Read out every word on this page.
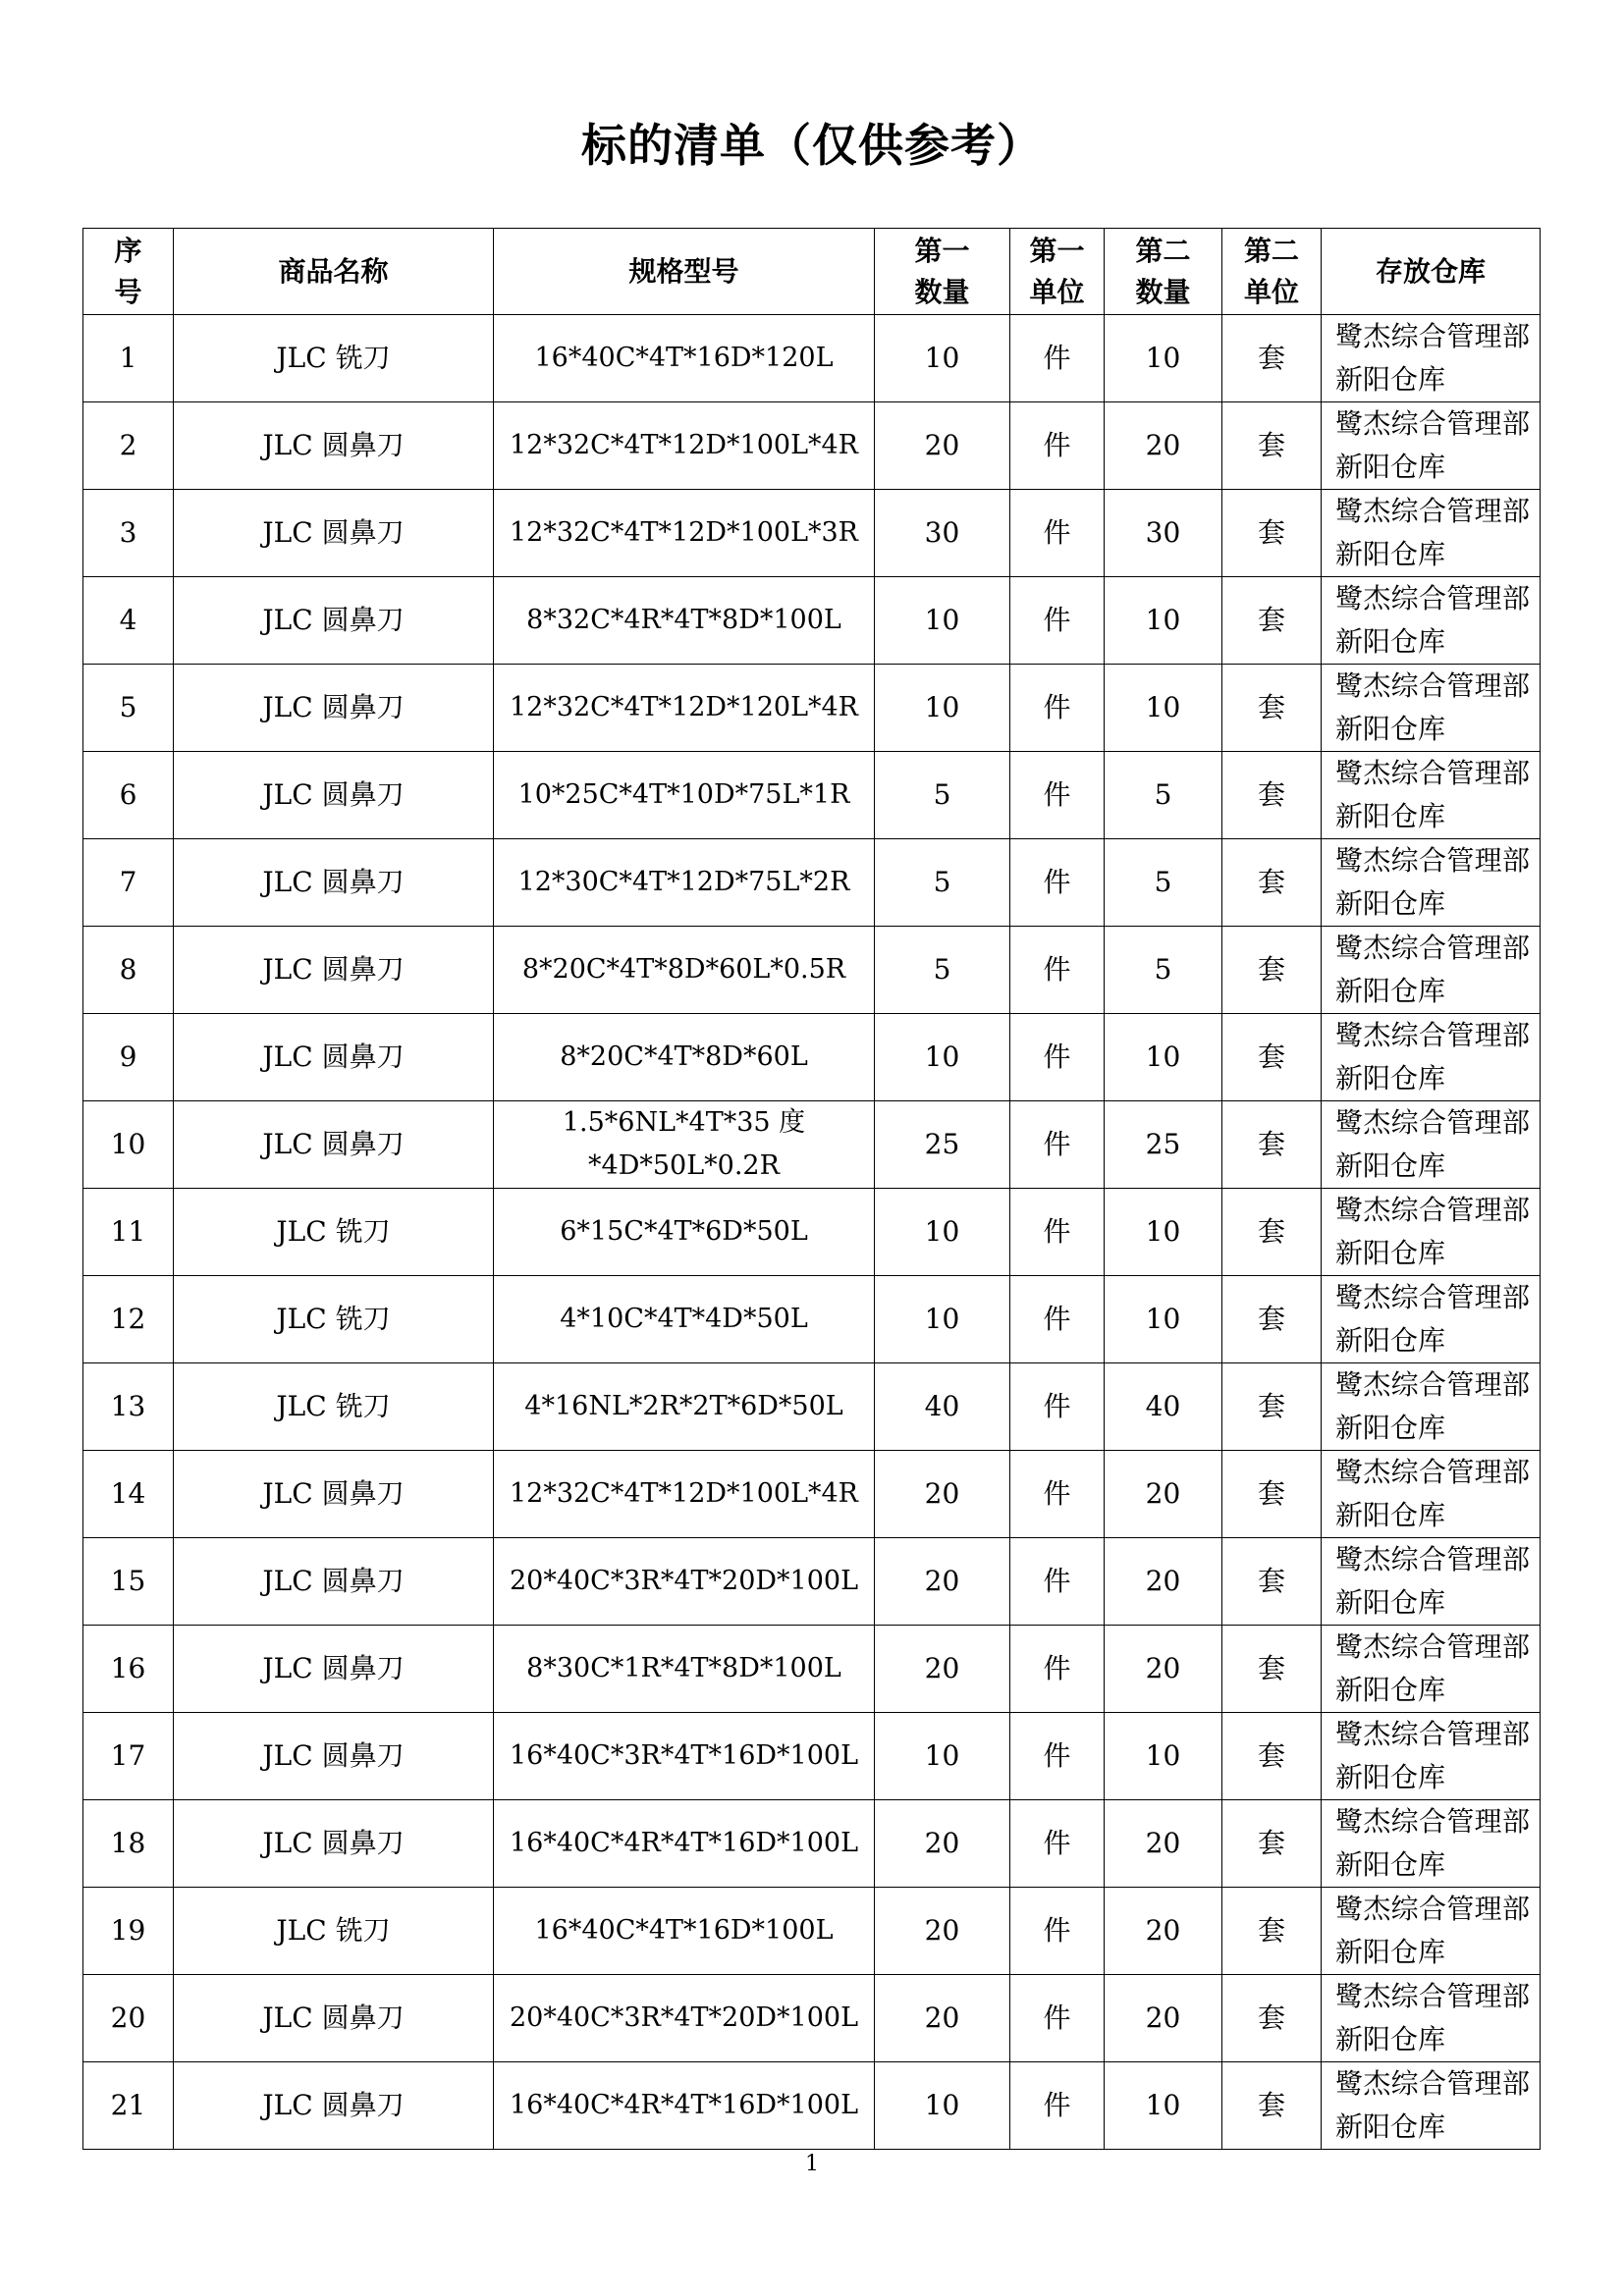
标的清单（仅供参考）
序号	商品名称	规格型号	第一数量	第一单位	第二数量	第二单位	存放仓库
1	JLC 铣刀	16*40C*4T*16D*120L	10	件	10	套	鹭杰综合管理部新阳仓库
2	JLC 圆鼻刀	12*32C*4T*12D*100L*4R	20	件	20	套	鹭杰综合管理部新阳仓库
3	JLC 圆鼻刀	12*32C*4T*12D*100L*3R	30	件	30	套	鹭杰综合管理部新阳仓库
4	JLC 圆鼻刀	8*32C*4R*4T*8D*100L	10	件	10	套	鹭杰综合管理部新阳仓库
5	JLC 圆鼻刀	12*32C*4T*12D*120L*4R	10	件	10	套	鹭杰综合管理部新阳仓库
6	JLC 圆鼻刀	10*25C*4T*10D*75L*1R	5	件	5	套	鹭杰综合管理部新阳仓库
7	JLC 圆鼻刀	12*30C*4T*12D*75L*2R	5	件	5	套	鹭杰综合管理部新阳仓库
8	JLC 圆鼻刀	8*20C*4T*8D*60L*0.5R	5	件	5	套	鹭杰综合管理部新阳仓库
9	JLC 圆鼻刀	8*20C*4T*8D*60L	10	件	10	套	鹭杰综合管理部新阳仓库
10	JLC 圆鼻刀	1.5*6NL*4T*35 度*4D*50L*0.2R	25	件	25	套	鹭杰综合管理部新阳仓库
11	JLC 铣刀	6*15C*4T*6D*50L	10	件	10	套	鹭杰综合管理部新阳仓库
12	JLC 铣刀	4*10C*4T*4D*50L	10	件	10	套	鹭杰综合管理部新阳仓库
13	JLC 铣刀	4*16NL*2R*2T*6D*50L	40	件	40	套	鹭杰综合管理部新阳仓库
14	JLC 圆鼻刀	12*32C*4T*12D*100L*4R	20	件	20	套	鹭杰综合管理部新阳仓库
15	JLC 圆鼻刀	20*40C*3R*4T*20D*100L	20	件	20	套	鹭杰综合管理部新阳仓库
16	JLC 圆鼻刀	8*30C*1R*4T*8D*100L	20	件	20	套	鹭杰综合管理部新阳仓库
17	JLC 圆鼻刀	16*40C*3R*4T*16D*100L	10	件	10	套	鹭杰综合管理部新阳仓库
18	JLC 圆鼻刀	16*40C*4R*4T*16D*100L	20	件	20	套	鹭杰综合管理部新阳仓库
19	JLC 铣刀	16*40C*4T*16D*100L	20	件	20	套	鹭杰综合管理部新阳仓库
20	JLC 圆鼻刀	20*40C*3R*4T*20D*100L	20	件	20	套	鹭杰综合管理部新阳仓库
21	JLC 圆鼻刀	16*40C*4R*4T*16D*100L	10	件	10	套	鹭杰综合管理部新阳仓库
1
